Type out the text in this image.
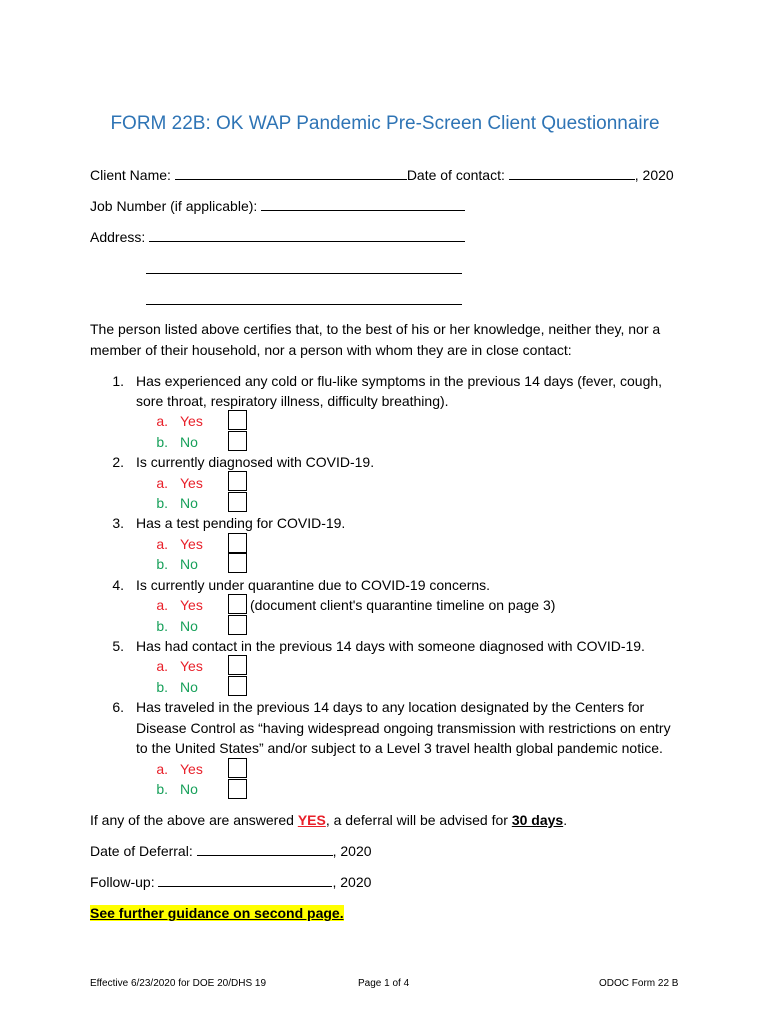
FORM 22B: OK WAP Pandemic Pre-Screen Client Questionnaire
Client Name:	Date of contact:	, 2020
Job Number (if applicable):
Address:
The person listed above certifies that, to the best of his or her knowledge, neither they, nor a
member of their household, nor a person with whom they are in close contact:
1. Has experienced any cold or flu-like symptoms in the previous 14 days (fever, cough,
sore throat, respiratory illness, difficulty breathing).
a. Yes
b. No
2. Is currently diagnosed with COVID-19.
a. Yes
b. No
3. Has a test pending for COVID-19.
a. Yes
b. No
4. Is currently under quarantine due to COVID-19 concerns.
a. Yes	(document client's quarantine timeline on page 3)
b. No
5. Has had contact in the previous 14 days with someone diagnosed with COVID-19.
a. Yes
b. No
6. Has traveled in the previous 14 days to any location designated by the Centers for
Disease Control as “having widespread ongoing transmission with restrictions on entry
to the United States” and/or subject to a Level 3 travel health global pandemic notice.
a. Yes
b. No
If any of the above are answered YES, a deferral will be advised for 30 days.
Date of Deferral:	, 2020
Follow-up:	, 2020
See further guidance on second page.
Effective 6/23/2020 for DOE 20/DHS 19	Page 1 of 4	ODOC Form 22 B
